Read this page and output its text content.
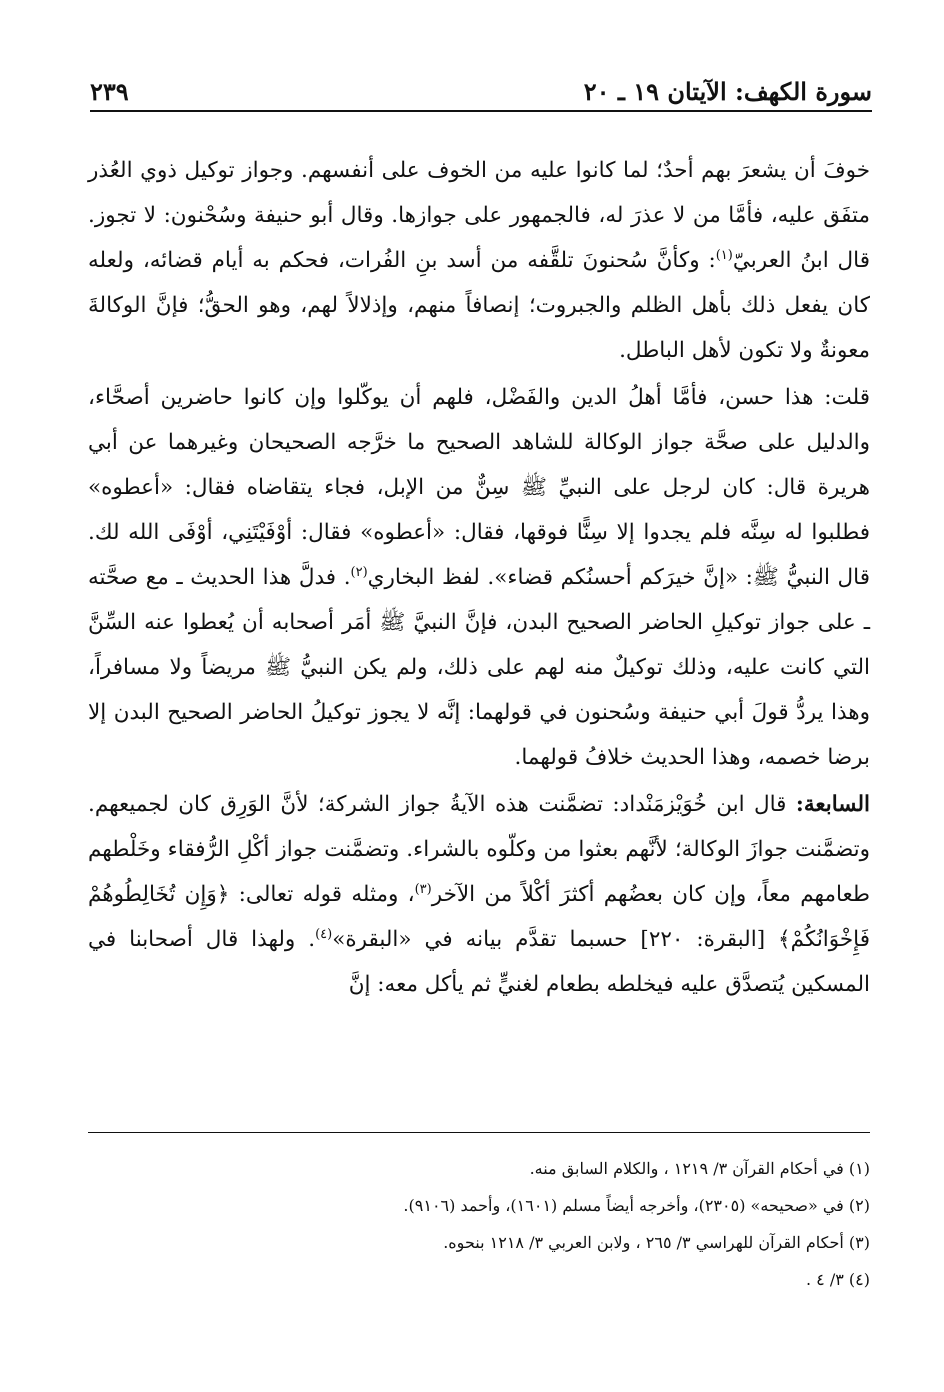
سورة الكهف: الآيتان ١٩ ـ ٢٠
٢٣٩

خوفَ أن يشعرَ بهم أحدٌ؛ لما كانوا عليه من الخوف على أنفسهم. وجواز توكيل ذوي العُذر متفَق عليه، فأمَّا من لا عذرَ له، فالجمهور على جوازها. وقال أبو حنيفة وسُحْنون: لا تجوز. قال ابنُ العربيّ$^{(١)}$: وكأنَّ سُحنونَ تلقَّفه من أسد بنِ الفُرات، فحكم به أيام قضائه، ولعله كان يفعل ذلك بأهل الظلم والجبروت؛ إنصافاً منهم، وإذلالاً لهم، وهو الحقُّ؛ فإنَّ الوكالةَ معونةٌ ولا تكون لأهل الباطل.

قلت: هذا حسن، فأمَّا أهلُ الدين والفَضْل، فلهم أن يوكّلوا وإن كانوا حاضرين أصحَّاء، والدليل على صحَّة جواز الوكالة للشاهد الصحيح ما خرَّجه الصحيحان وغيرهما عن أبي هريرة قال: كان لرجل على النبيِّ ﷺ سِنٌّ من الإبل، فجاء يتقاضاه فقال: «أعطوه» فطلبوا له سِنَّه فلم يجدوا إلا سِنًّا فوقها، فقال: «أعطوه» فقال: أوْفَيْتَنِي، أوْفَى الله لك. قال النبيُّ ﷺ: «إنَّ خيرَكم أحسنُكم قضاء». لفظ البخاري$^{(٢)}$. فدلَّ هذا الحديث ـ مع صحَّته ـ على جواز توكيلِ الحاضر الصحيح البدن، فإنَّ النبيَّ ﷺ أمَر أصحابه أن يُعطوا عنه السِّنَّ التي كانت عليه، وذلك توكيلٌ منه لهم على ذلك، ولم يكن النبيُّ ﷺ مريضاً ولا مسافراً، وهذا يردُّ قولَ أبي حنيفة وسُحنون في قولهما: إنَّه لا يجوز توكيلُ الحاضر الصحيح البدن إلا برضا خصمه، وهذا الحديث خلافُ قولهما.

السابعة: قال ابن خُوَيْزمَنْداد: تضمَّنت هذه الآيةُ جواز الشركة؛ لأنَّ الوَرِق كان لجميعهم. وتضمَّنت جوازَ الوكالة؛ لأنَّهم بعثوا من وكلّوه بالشراء. وتضمَّنت جواز أكْلِ الرُّفقاء وخَلْطهم طعامهم معاً، وإن كان بعضُهم أكثرَ أكْلاً من الآخر$^{(٣)}$، ومثله قوله تعالى: ﴿وَإِن تُخَالِطُوهُمْ فَإِخْوَانُكُمْ﴾ [البقرة: ٢٢٠] حسبما تقدَّم بيانه في «البقرة»$^{(٤)}$. ولهذا قال أصحابنا في المسكين يُتصدَّق عليه فيخلطه بطعام لغنيٍّ ثم يأكل معه: إنَّ

(١) في أحكام القرآن ٣/ ١٢١٩ ، والكلام السابق منه.

(٢) في «صحيحه» (٢٣٠٥)، وأخرجه أيضاً مسلم (١٦٠١)، وأحمد (٩١٠٦).

(٣) أحكام القرآن للهراسي ٣/ ٢٦٥ ، ولابن العربي ٣/ ١٢١٨ بنحوه.

(٤) ٣/ ٤ .
